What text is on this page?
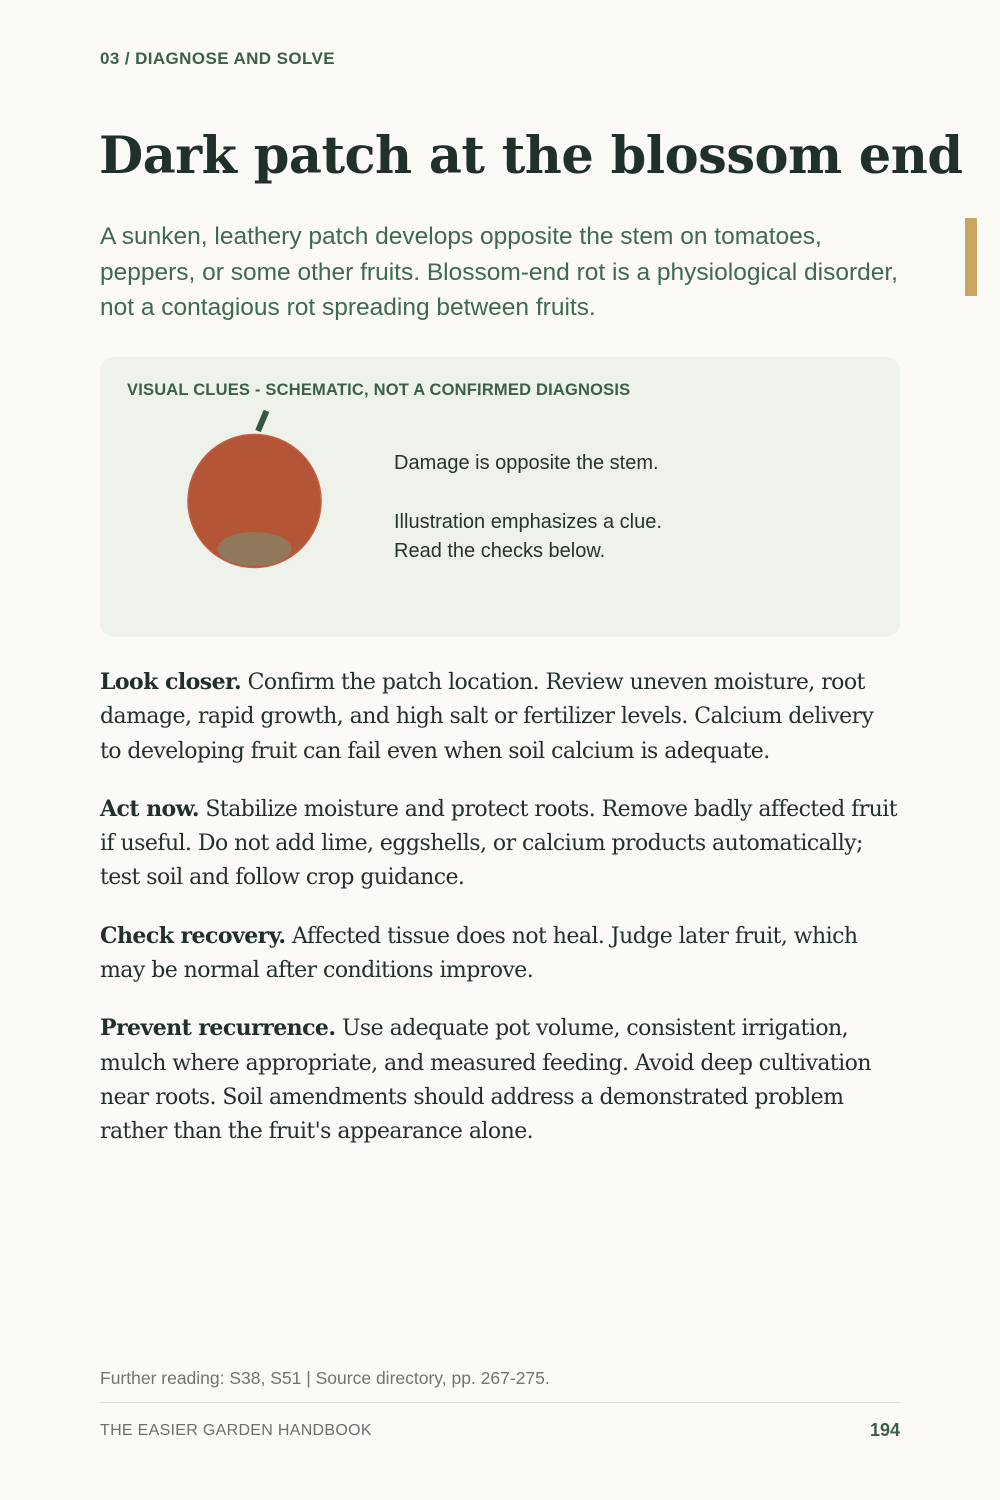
03 / DIAGNOSE AND SOLVE

Dark patch at the blossom end

A sunken, leathery patch develops opposite the stem on tomatoes, peppers, or some other fruits. Blossom-end rot is a physiological disorder, not a contagious rot spreading between fruits.

VISUAL CLUES - SCHEMATIC, NOT A CONFIRMED DIAGNOSIS

Damage is opposite the stem.

Illustration emphasizes a clue.

Read the checks below.

Look closer. Confirm the patch location. Review uneven moisture, root damage, rapid growth, and high salt or fertilizer levels. Calcium delivery to developing fruit can fail even when soil calcium is adequate.

Act now. Stabilize moisture and protect roots. Remove badly affected fruit if useful. Do not add lime, eggshells, or calcium products automatically; test soil and follow crop guidance.

Check recovery. Affected tissue does not heal. Judge later fruit, which may be normal after conditions improve.

Prevent recurrence. Use adequate pot volume, consistent irrigation, mulch where appropriate, and measured feeding. Avoid deep cultivation near roots. Soil amendments should address a demonstrated problem rather than the fruit's appearance alone.

Further reading: S38, S51 | Source directory, pp. 267-275.

THE EASIER GARDEN HANDBOOK	194
